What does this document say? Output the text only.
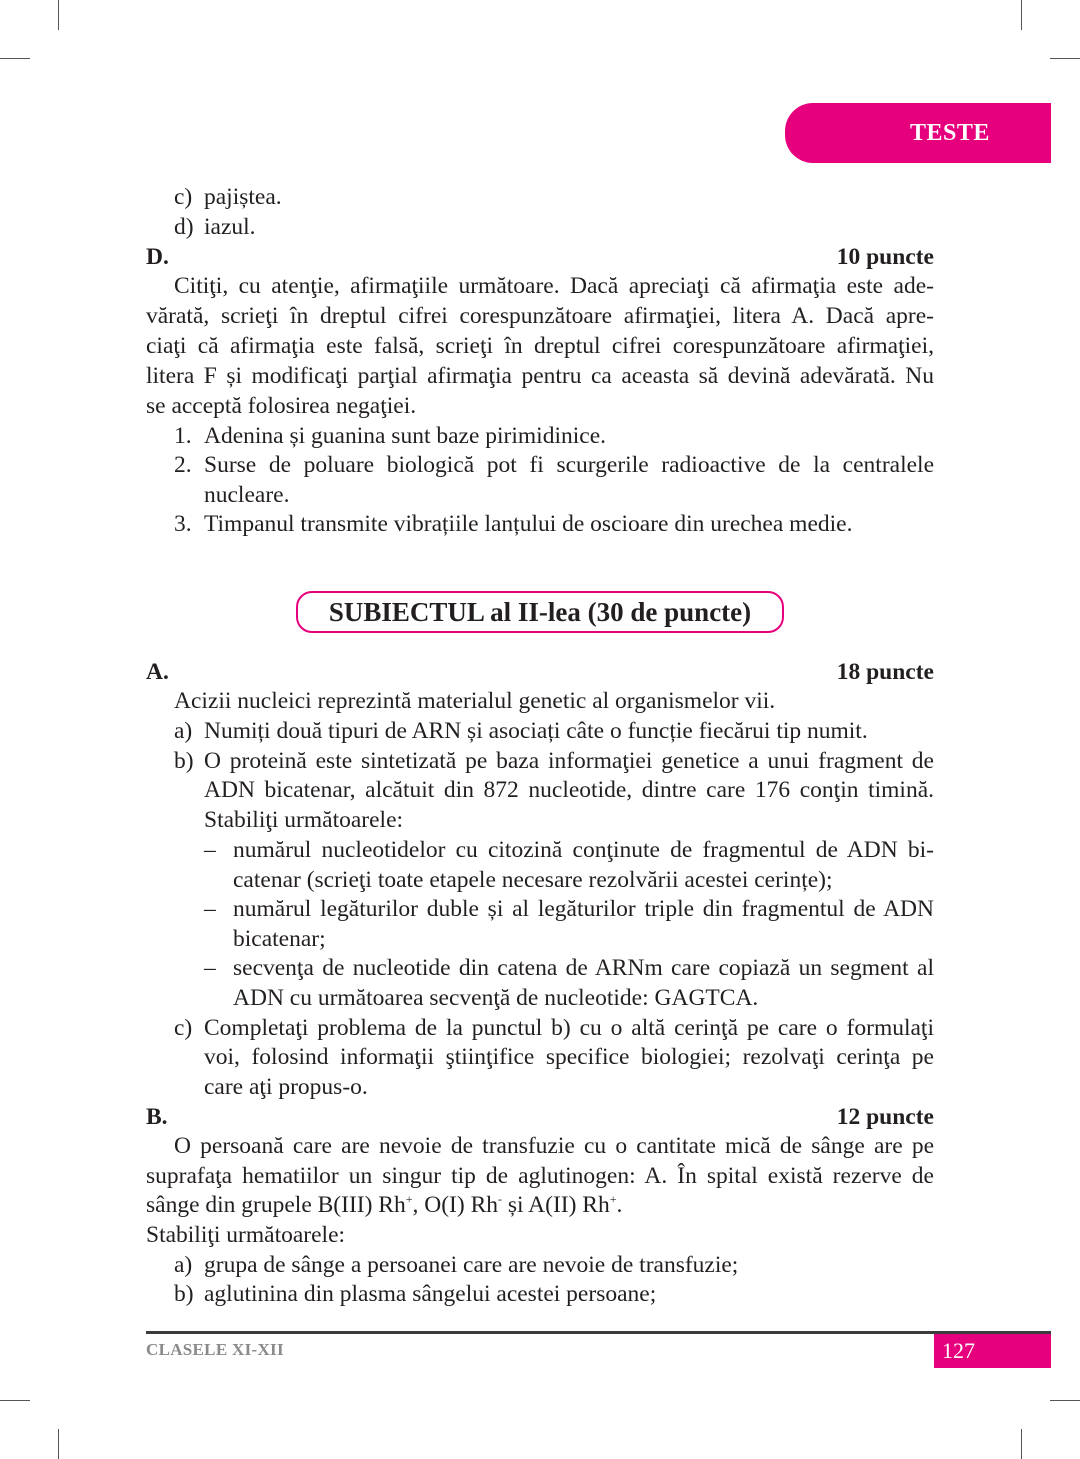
TESTE
c) pajiștea.
d) iazul.
D.	10 puncte
Citiţi, cu atenţie, afirmaţiile următoare. Dacă apreciaţi că afirmaţia este ade-
vărată, scrieţi în dreptul cifrei corespunzătoare afirmaţiei, litera A. Dacă apre-
ciaţi că afirmaţia este falsă, scrieţi în dreptul cifrei corespunzătoare afirmaţiei,
litera F și modificaţi parţial afirmaţia pentru ca aceasta să devină adevărată. Nu
se acceptă folosirea negaţiei.
1. Adenina și guanina sunt baze pirimidinice.
2. Surse de poluare biologică pot fi scurgerile radioactive de la centralele
nucleare.
3. Timpanul transmite vibrațiile lanțului de oscioare din urechea medie.
SUBIECTUL al II-lea (30 de puncte)
A.	18 puncte
Acizii nucleici reprezintă materialul genetic al organismelor vii.
a) Numiți două tipuri de ARN și asociați câte o funcție fiecărui tip numit.
b) O proteină este sintetizată pe baza informaţiei genetice a unui fragment de
ADN bicatenar, alcătuit din 872 nucleotide, dintre care 176 conţin timină.
Stabiliţi următoarele:
– numărul nucleotidelor cu citozină conţinute de fragmentul de ADN bi-
catenar (scrieţi toate etapele necesare rezolvării acestei cerințe);
– numărul legăturilor duble și al legăturilor triple din fragmentul de ADN
bicatenar;
– secvenţa de nucleotide din catena de ARNm care copiază un segment al
ADN cu următoarea secvenţă de nucleotide: GAGTCA.
c) Completaţi problema de la punctul b) cu o altă cerinţă pe care o formulaţi
voi, folosind informaţii ştiinţifice specifice biologiei; rezolvaţi cerinţa pe
care aţi propus-o.
B.	12 puncte
O persoană care are nevoie de transfuzie cu o cantitate mică de sânge are pe
suprafaţa hematiilor un singur tip de aglutinogen: A. În spital există rezerve de
sânge din grupele B(III) Rh+, O(I) Rh- și A(II) Rh+.
Stabiliţi următoarele:
a) grupa de sânge a persoanei care are nevoie de transfuzie;
b) aglutinina din plasma sângelui acestei persoane;
CLASELE XI-XII	127
